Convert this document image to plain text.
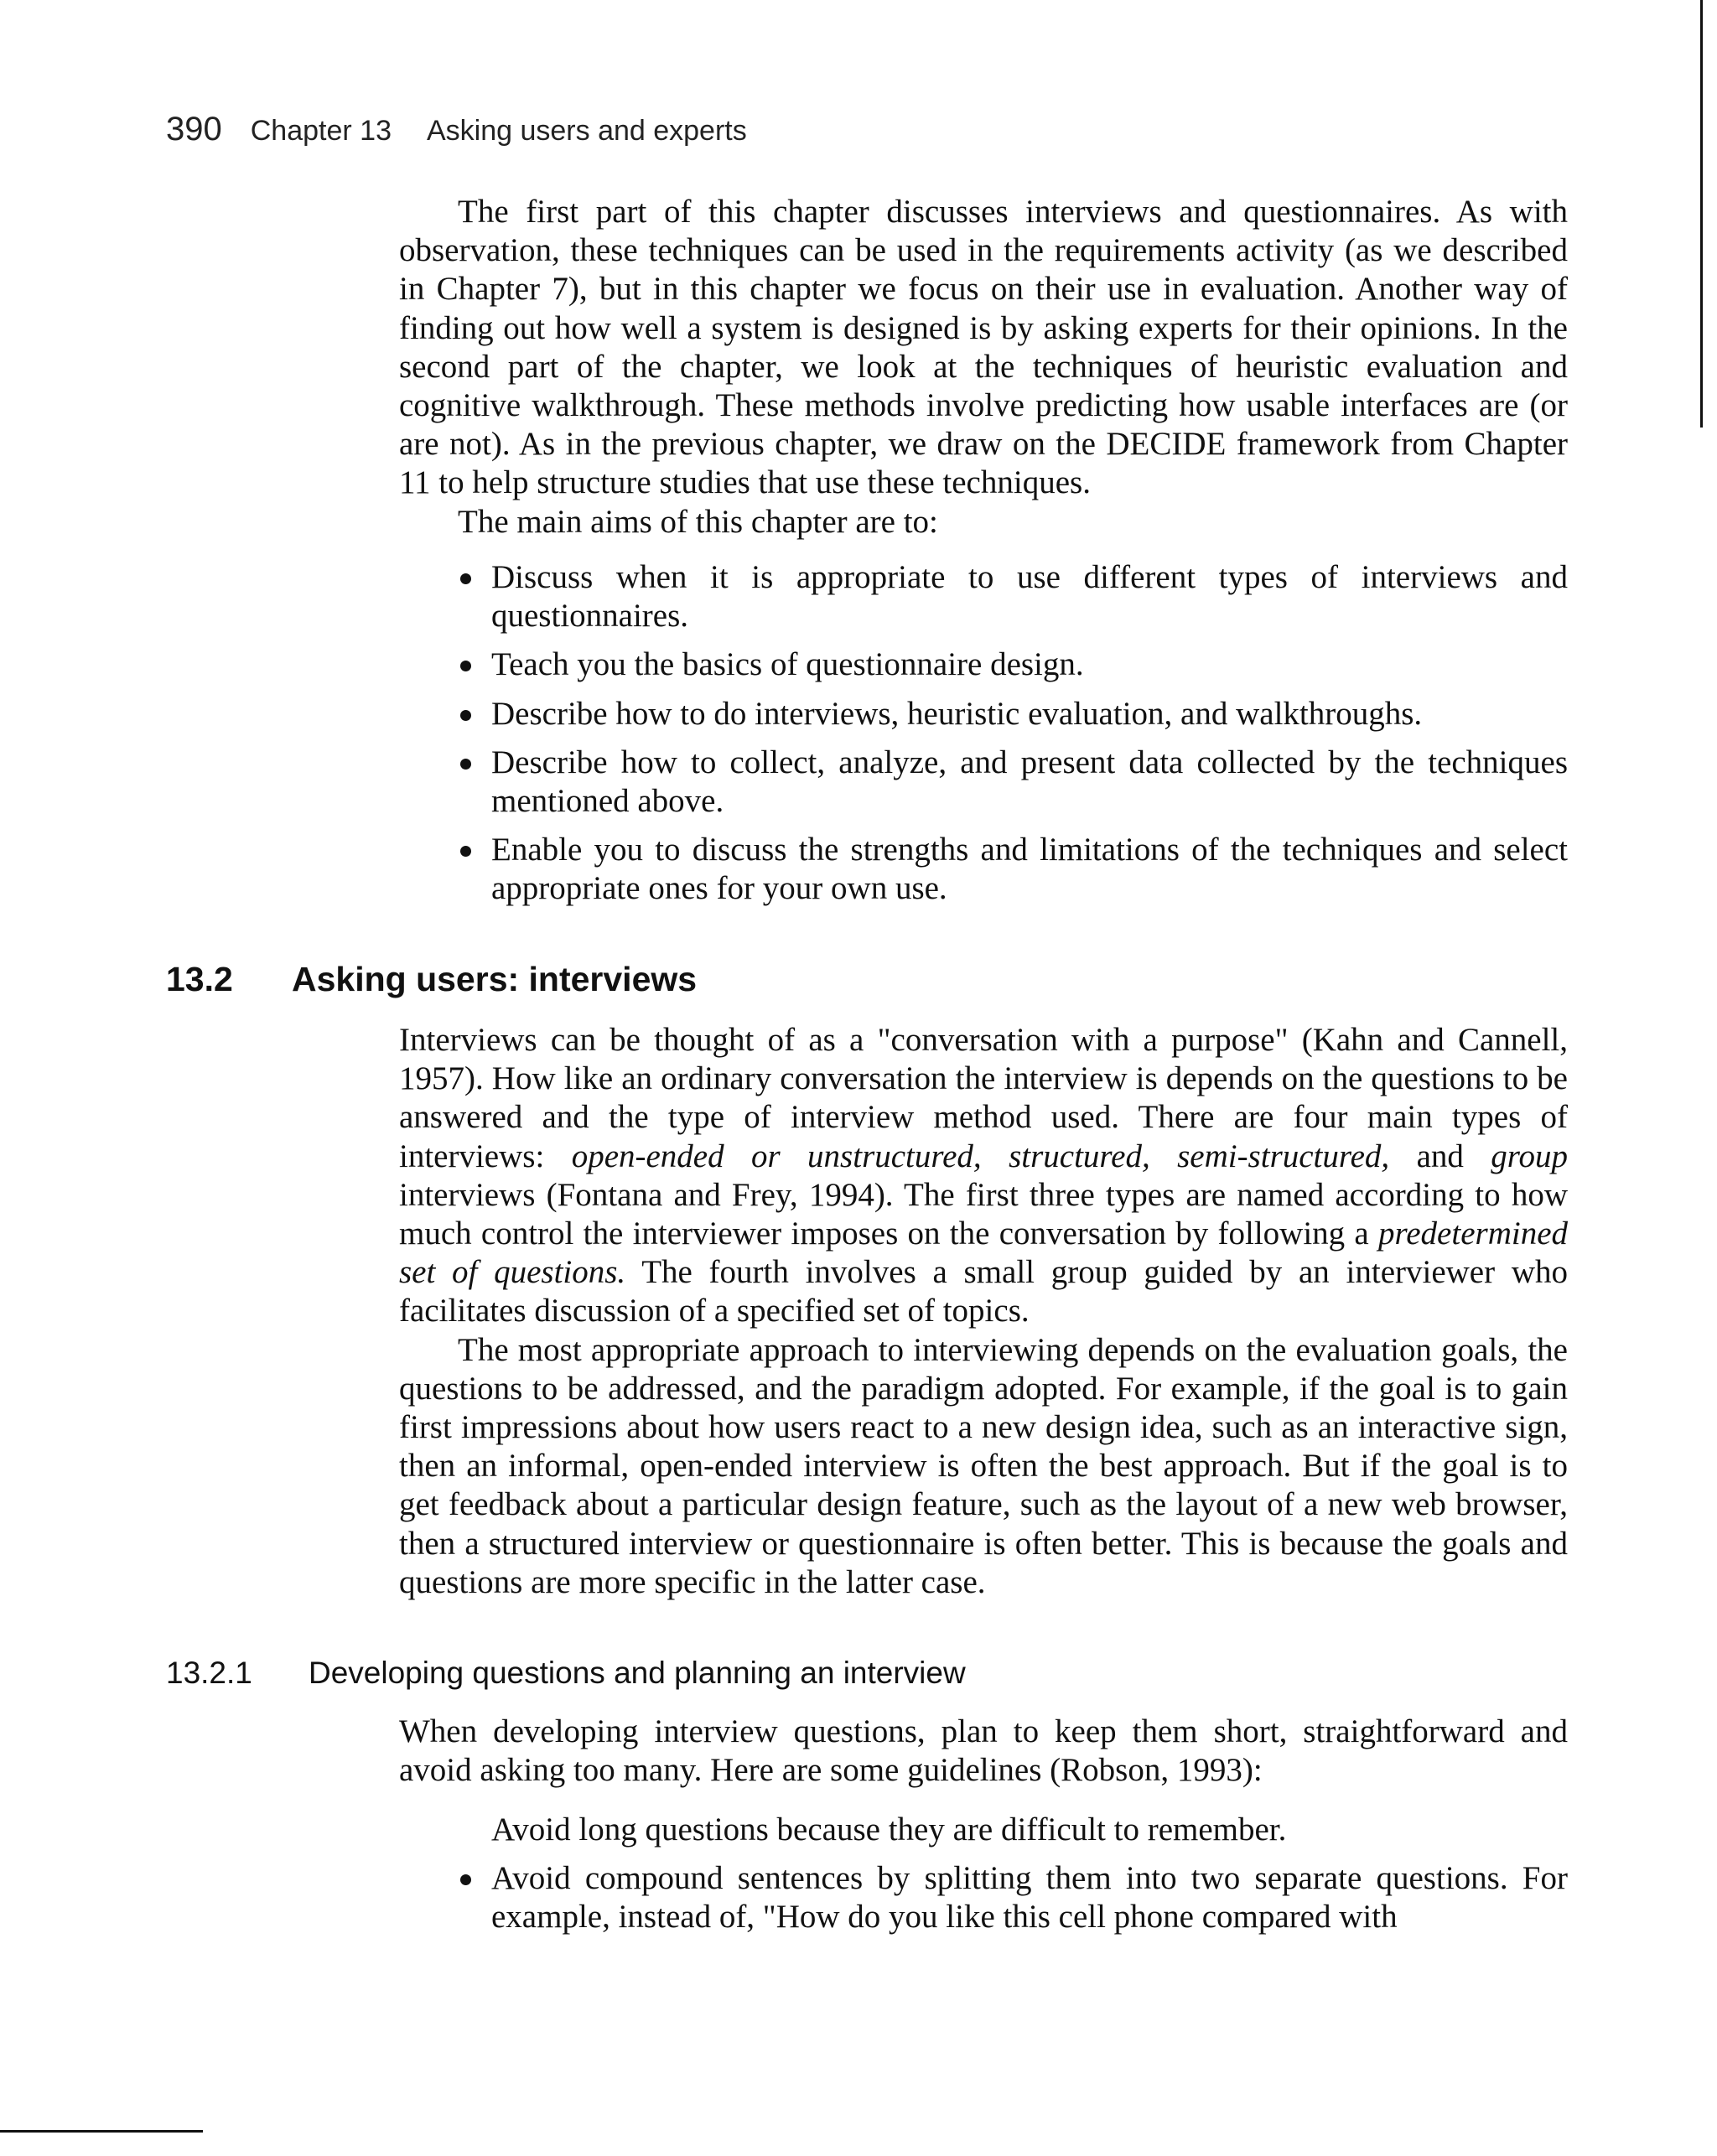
390 Chapter 13 Asking users and experts

The first part of this chapter discusses interviews and questionnaires. As with observation, these techniques can be used in the requirements activity (as we described in Chapter 7), but in this chapter we focus on their use in evaluation. Another way of finding out how well a system is designed is by asking experts for their opinions. In the second part of the chapter, we look at the techniques of heuristic evaluation and cognitive walkthrough. These methods involve predicting how usable interfaces are (or are not). As in the previous chapter, we draw on the DECIDE framework from Chapter 11 to help structure studies that use these techniques.

The main aims of this chapter are to:

Discuss when it is appropriate to use different types of interviews and questionnaires.
Teach you the basics of questionnaire design.
Describe how to do interviews, heuristic evaluation, and walkthroughs.
Describe how to collect, analyze, and present data collected by the techniques mentioned above.
Enable you to discuss the strengths and limitations of the techniques and select appropriate ones for your own use.
13.2 Asking users: interviews

Interviews can be thought of as a "conversation with a purpose" (Kahn and Cannell, 1957). How like an ordinary conversation the interview is depends on the questions to be answered and the type of interview method used. There are four main types of interviews: open-ended or unstructured, structured, semi-structured, and group interviews (Fontana and Frey, 1994). The first three types are named according to how much control the interviewer imposes on the conversation by following a predetermined set of questions. The fourth involves a small group guided by an interviewer who facilitates discussion of a specified set of topics.

The most appropriate approach to interviewing depends on the evaluation goals, the questions to be addressed, and the paradigm adopted. For example, if the goal is to gain first impressions about how users react to a new design idea, such as an interactive sign, then an informal, open-ended interview is often the best approach. But if the goal is to get feedback about a particular design feature, such as the layout of a new web browser, then a structured interview or questionnaire is often better. This is because the goals and questions are more specific in the latter case.

13.2.1 Developing questions and planning an interview

When developing interview questions, plan to keep them short, straightforward and avoid asking too many. Here are some guidelines (Robson, 1993):

Avoid long questions because they are difficult to remember.
Avoid compound sentences by splitting them into two separate questions. For example, instead of, "How do you like this cell phone compared with
